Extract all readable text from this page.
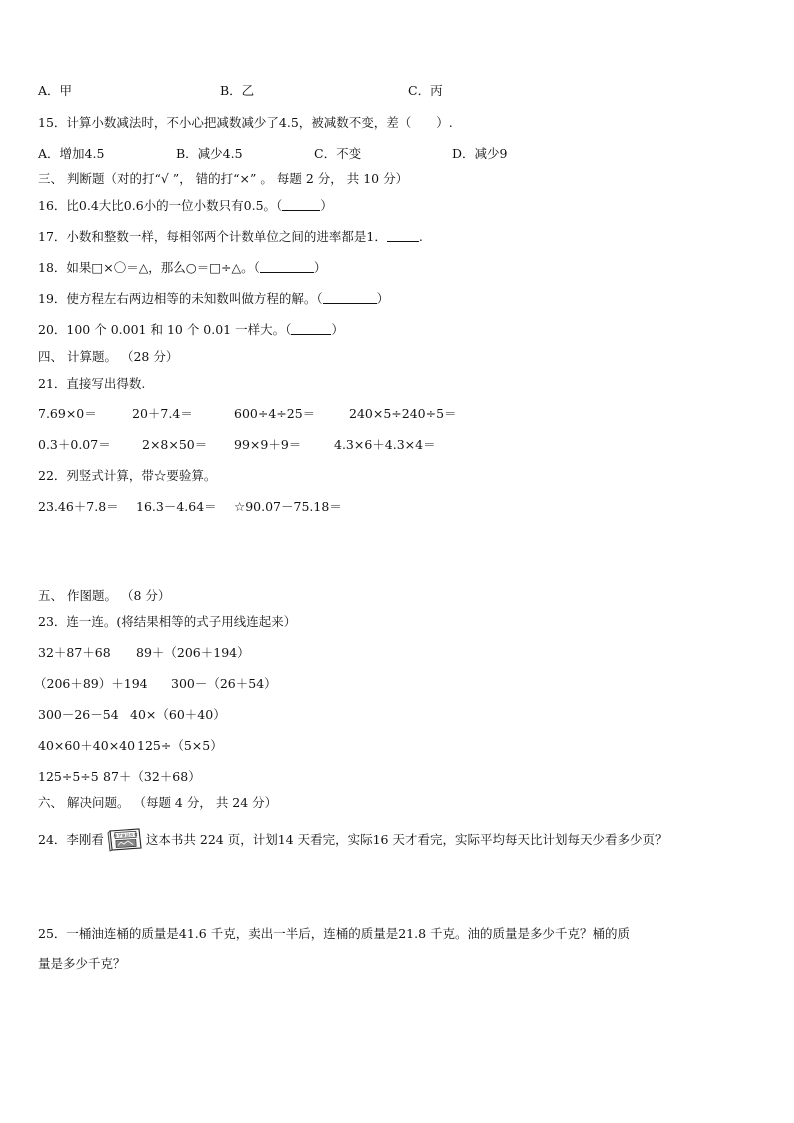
A．甲	B．乙	C．丙
15．计算小数减法时，不小心把减数减少了4.5，被减数不变，差（　　）.
A．增加4.5	B．减少4.5	C．不变	D．减少9
三、 判断题（对的打“√ ”， 错的打“×” 。 每题 2 分， 共 10 分）
16．比0.4大比0.6小的一位小数只有0.5。（	）
17．小数和整数一样，每相邻两个计数单位之间的进率都是1．	.
18．如果□×〇＝△，那么○＝□÷△。（	）
19．使方程左右两边相等的未知数叫做方程的解。（	）
20．100 个 0.001 和 10 个 0.01 一样大。（	）
四、 计算题。 （28 分）
21．直接写出得数.
7.69×0＝	20＋7.4＝	600÷4÷25＝	240×5÷240÷5＝
0.3＋0.07＝	2×8×50＝ 99×9＋9＝	4.3×6＋4.3×4＝
22．列竖式计算，带☆要验算。
23.46＋7.8＝ 16.3－4.64＝ ☆90.07－75.18＝
五、 作图题。 （8 分）
23．连一连。(将结果相等的式子用线连起来）
32＋87＋68 89＋（206＋194）
（206＋89）＋194 300－（26＋54）
300－26－54 40×（60＋40）
40×60＋40×40 125÷（5×5）
125÷5÷5 87＋（32＋68）
六、 解决问题。 （每题 4 分， 共 24 分）
24．李刚看 科学童话故事 这本书共 224 页，计划14 天看完，实际16 天才看完，实际平均每天比计划每天少看多少页？
25．一桶油连桶的质量是41.6 千克，卖出一半后，连桶的质量是21.8 千克。油的质量是多少千克？桶的质
量是多少千克？
